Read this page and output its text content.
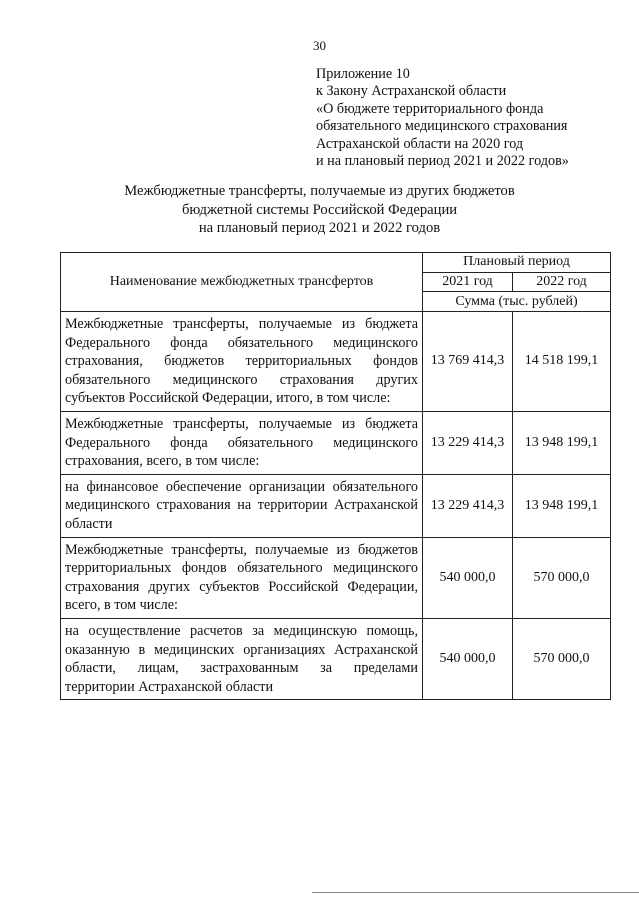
30
Приложение 10
к Закону Астраханской области
«О бюджете территориального фонда
обязательного медицинского страхования
Астраханской области на 2020 год
и на плановый период 2021 и 2022 годов»
Межбюджетные трансферты, получаемые из других бюджетов
бюджетной системы Российской Федерации
на плановый период 2021 и 2022 годов
Наименование межбюджетных трансфертов	Плановый период	
	2021 год	2022 год
	Сумма (тыс. рублей)	
Межбюджетные трансферты, получаемые из бюджета Федерального фонда обязательного медицинского страхования, бюджетов территориальных фондов обязательного медицинского страхования других субъектов Российской Федерации, итого, в том числе:	13 769 414,3	14 518 199,1
Межбюджетные трансферты, получаемые из бюджета Федерального фонда обязательного медицинского страхования, всего, в том числе:	13 229 414,3	13 948 199,1
на финансовое обеспечение организации обязательного медицинского страхования на территории Астраханской области	13 229 414,3	13 948 199,1
Межбюджетные трансферты, получаемые из бюджетов территориальных фондов обязательного медицинского страхования других субъектов Российской Федерации, всего, в том числе:	540 000,0	570 000,0
на осуществление расчетов за медицинскую помощь, оказанную в медицинских организациях Астраханской области, лицам, застрахованным за пределами территории Астраханской области	540 000,0	570 000,0
